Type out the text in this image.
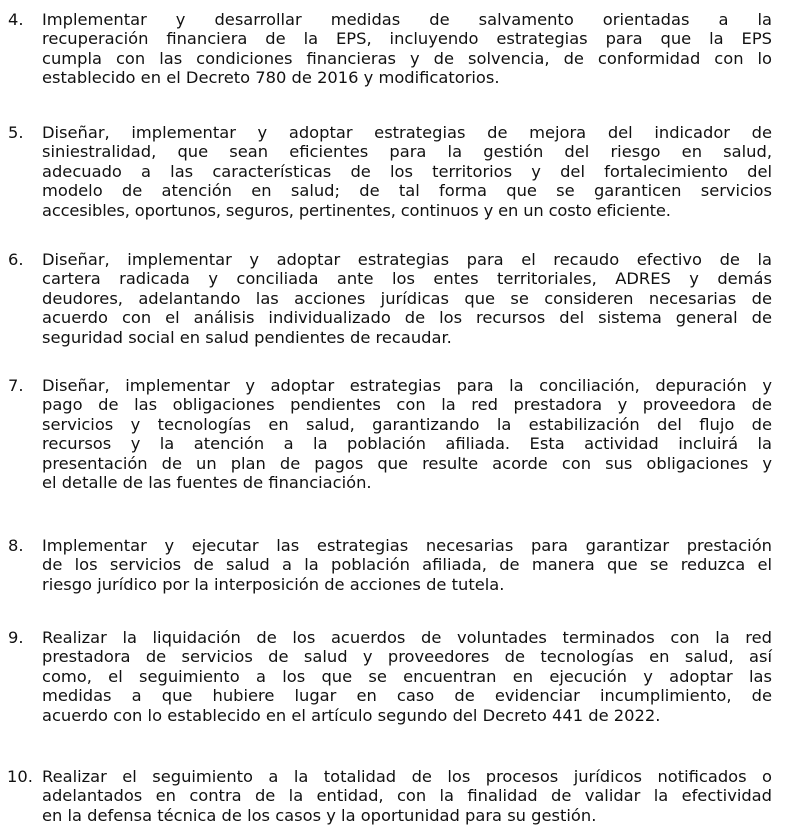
4. Implementar y desarrollar medidas de salvamento orientadas a la
recuperación financiera de la EPS, incluyendo estrategias para que la EPS
cumpla con las condiciones financieras y de solvencia, de conformidad con lo
establecido en el Decreto 780 de 2016 y modificatorios.
5. Diseñar, implementar y adoptar estrategias de mejora del indicador de
siniestralidad, que sean eficientes para la gestión del riesgo en salud,
adecuado a las características de los territorios y del fortalecimiento del
modelo de atención en salud; de tal forma que se garanticen servicios
accesibles, oportunos, seguros, pertinentes, continuos y en un costo eficiente.
6. Diseñar, implementar y adoptar estrategias para el recaudo efectivo de la
cartera radicada y conciliada ante los entes territoriales, ADRES y demás
deudores, adelantando las acciones jurídicas que se consideren necesarias de
acuerdo con el análisis individualizado de los recursos del sistema general de
seguridad social en salud pendientes de recaudar.
7. Diseñar, implementar y adoptar estrategias para la conciliación, depuración y
pago de las obligaciones pendientes con la red prestadora y proveedora de
servicios y tecnologías en salud, garantizando la estabilización del flujo de
recursos y la atención a la población afiliada. Esta actividad incluirá la
presentación de un plan de pagos que resulte acorde con sus obligaciones y
el detalle de las fuentes de financiación.
8. Implementar y ejecutar las estrategias necesarias para garantizar prestación
de los servicios de salud a la población afiliada, de manera que se reduzca el
riesgo jurídico por la interposición de acciones de tutela.
9. Realizar la liquidación de los acuerdos de voluntades terminados con la red
prestadora de servicios de salud y proveedores de tecnologías en salud, así
como, el seguimiento a los que se encuentran en ejecución y adoptar las
medidas a que hubiere lugar en caso de evidenciar incumplimiento, de
acuerdo con lo establecido en el artículo segundo del Decreto 441 de 2022.
10. Realizar el seguimiento a la totalidad de los procesos jurídicos notificados o
adelantados en contra de la entidad, con la finalidad de validar la efectividad
en la defensa técnica de los casos y la oportunidad para su gestión.
